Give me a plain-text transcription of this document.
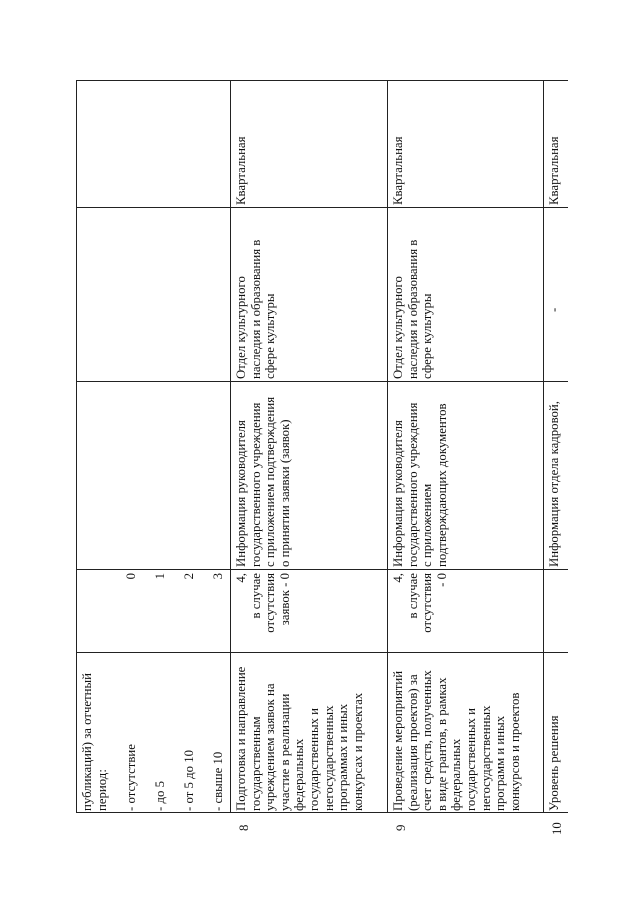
публикаций) за отчетный
период:

- отсутствие

- до 5

- от 5 до 10

- свыше 10

0

1

2

3
8
Подготовка и направление
государственным
учреждением заявок на
участие в реализации
федеральных
государственных и
негосударственных
программах и иных
конкурсах и проектах
4,
в случае
отсутствия
заявок - 0
Информация руководителя
государственного учреждения
с приложением подтверждения
о принятии заявки (заявок)
Отдел культурного
наследия и образования в
сфере культуры
Квартальная
9
Проведение мероприятий
(реализация проектов) за
счет средств, полученных
в виде грантов, в рамках
федеральных
государственных и
негосударственных
программ и иных
конкурсов и проектов
4,
в случае
отсутствия
- 0
Информация руководителя
государственного учреждения
с приложением
подтверждающих документов
Отдел культурного
наследия и образования в
сфере культуры
Квартальная
10
Уровень решения
Информация отдела кадровой,
-
Квартальная
